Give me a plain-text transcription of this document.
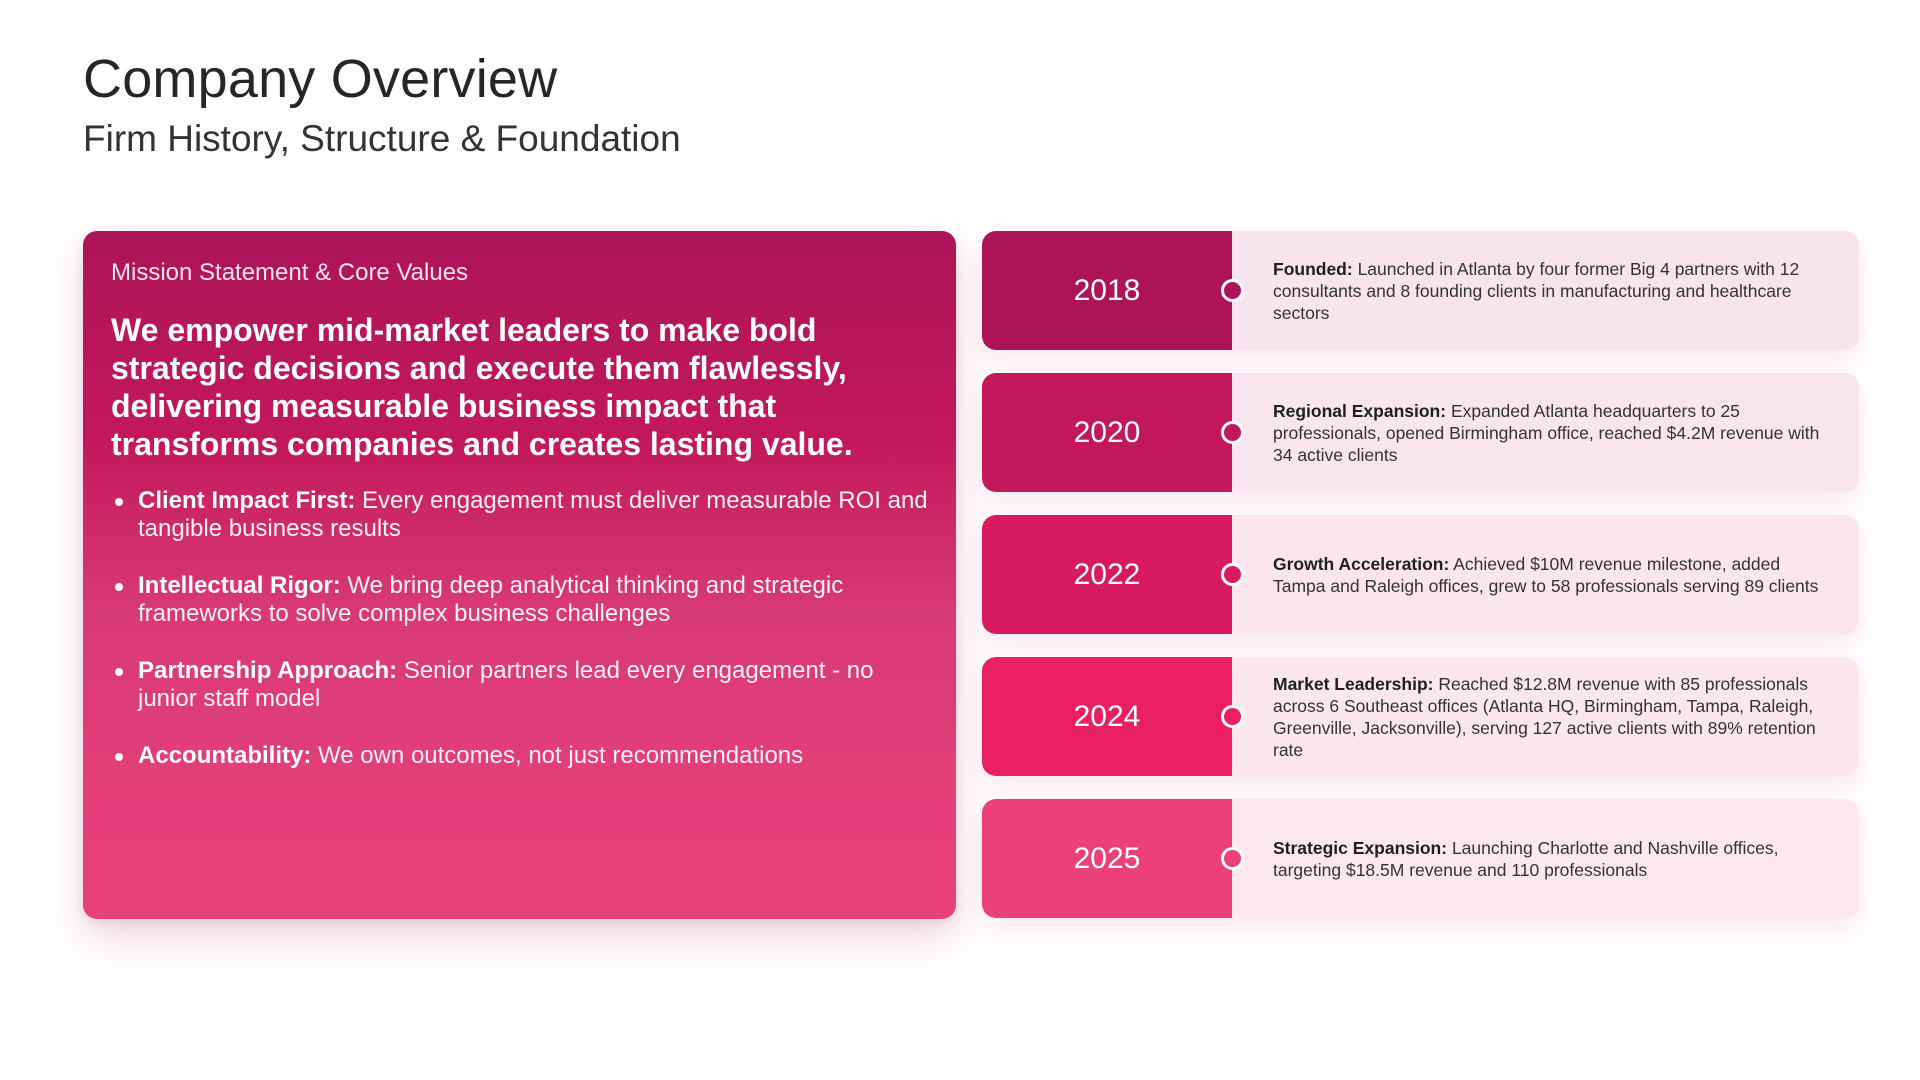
Company Overview
Firm History, Structure & Foundation
Mission Statement & Core Values
We empower mid-market leaders to make bold strategic decisions and execute them flawlessly, delivering measurable business impact that transforms companies and creates lasting value.
Client Impact First: Every engagement must deliver measurable ROI and tangible business results
Intellectual Rigor: We bring deep analytical thinking and strategic frameworks to solve complex business challenges
Partnership Approach: Senior partners lead every engagement - no junior staff model
Accountability: We own outcomes, not just recommendations
2018
Founded: Launched in Atlanta by four former Big 4 partners with 12 consultants and 8 founding clients in manufacturing and healthcare sectors
2020
Regional Expansion: Expanded Atlanta headquarters to 25 professionals, opened Birmingham office, reached $4.2M revenue with 34 active clients
2022	Growth Acceleration: Achieved $10M revenue milestone, added Tampa and Raleigh offices, grew to 58 professionals serving 89 clients
2024
Market Leadership: Reached $12.8M revenue with 85 professionals across 6 Southeast offices (Atlanta HQ, Birmingham, Tampa, Raleigh, Greenville, Jacksonville), serving 127 active clients with 89% retention rate
2025	Strategic Expansion: Launching Charlotte and Nashville offices, targeting $18.5M revenue and 110 professionals
